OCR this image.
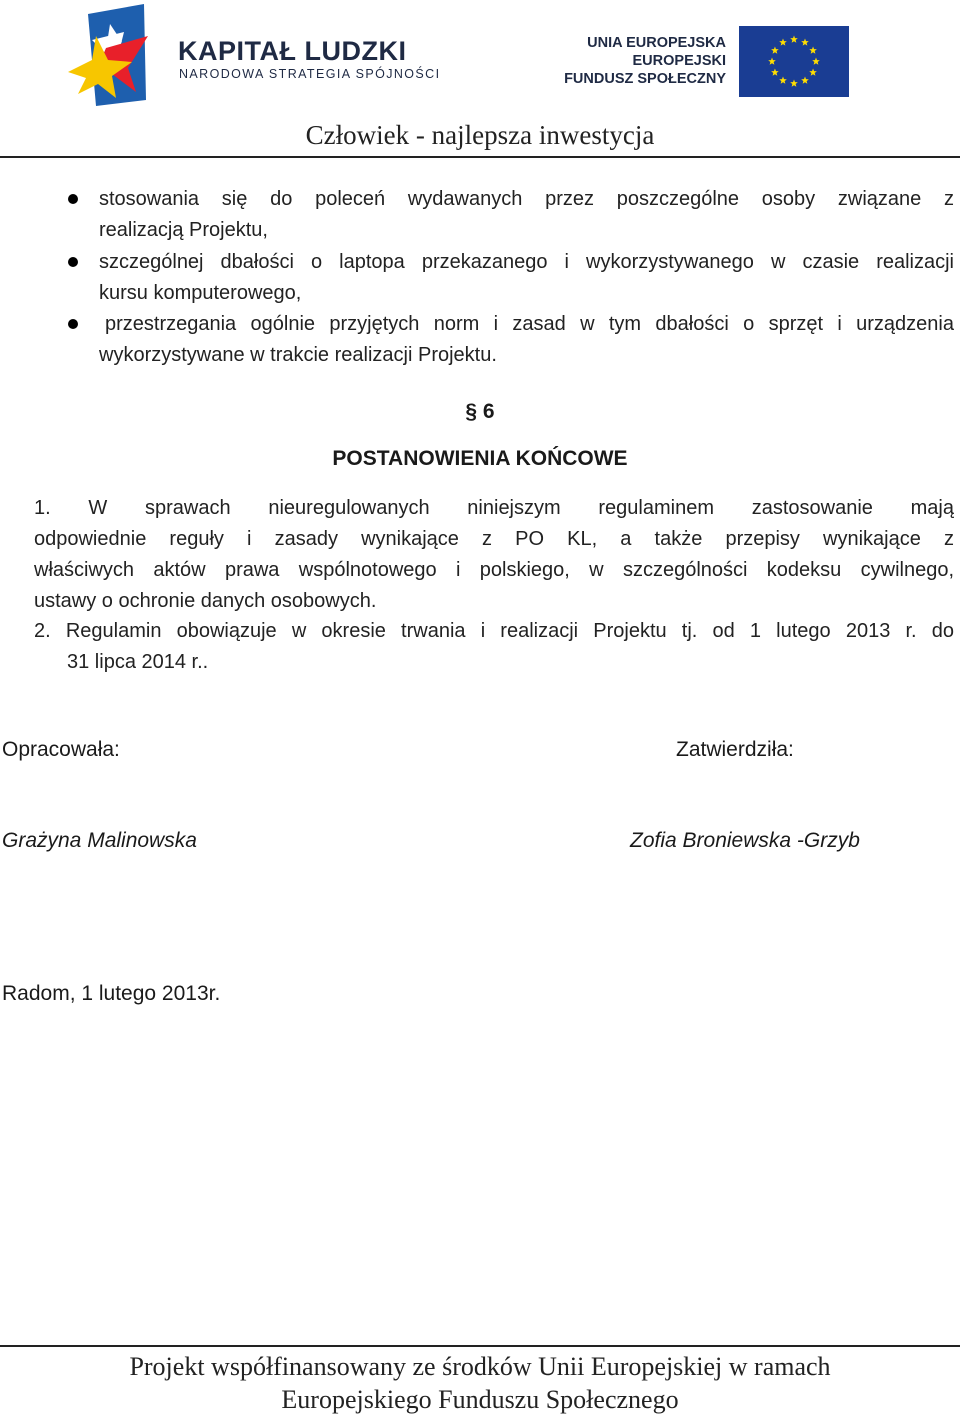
KAPITAŁ LUDZKI
NARODOWA STRATEGIA SPÓJNOŚCI
UNIA EUROPEJSKA
EUROPEJSKI
FUNDUSZ SPOŁECZNY
Człowiek - najlepsza inwestycja
stosowania się do poleceń wydawanych przez poszczególne osoby związane z
realizacją Projektu,
szczególnej dbałości o laptopa przekazanego i wykorzystywanego w czasie realizacji
kursu komputerowego,
przestrzegania ogólnie przyjętych norm i zasad w tym dbałości o sprzęt i urządzenia
wykorzystywane w trakcie realizacji Projektu.
§ 6
POSTANOWIENIA KOŃCOWE
1. W sprawach nieuregulowanych niniejszym regulaminem zastosowanie mają
odpowiednie reguły i zasady wynikające z PO KL, a także przepisy wynikające z
właściwych aktów prawa wspólnotowego i polskiego, w szczególności kodeksu cywilnego,
ustawy o ochronie danych osobowych.
2. Regulamin obowiązuje w okresie trwania i realizacji Projektu tj. od 1 lutego 2013 r. do
31 lipca 2014 r..
Opracowała:	Zatwierdziła:
Grażyna Malinowska	Zofia Broniewska -Grzyb
Radom, 1 lutego 2013r.
Projekt współfinansowany ze środków Unii Europejskiej w ramach
Europejskiego Funduszu Społecznego
